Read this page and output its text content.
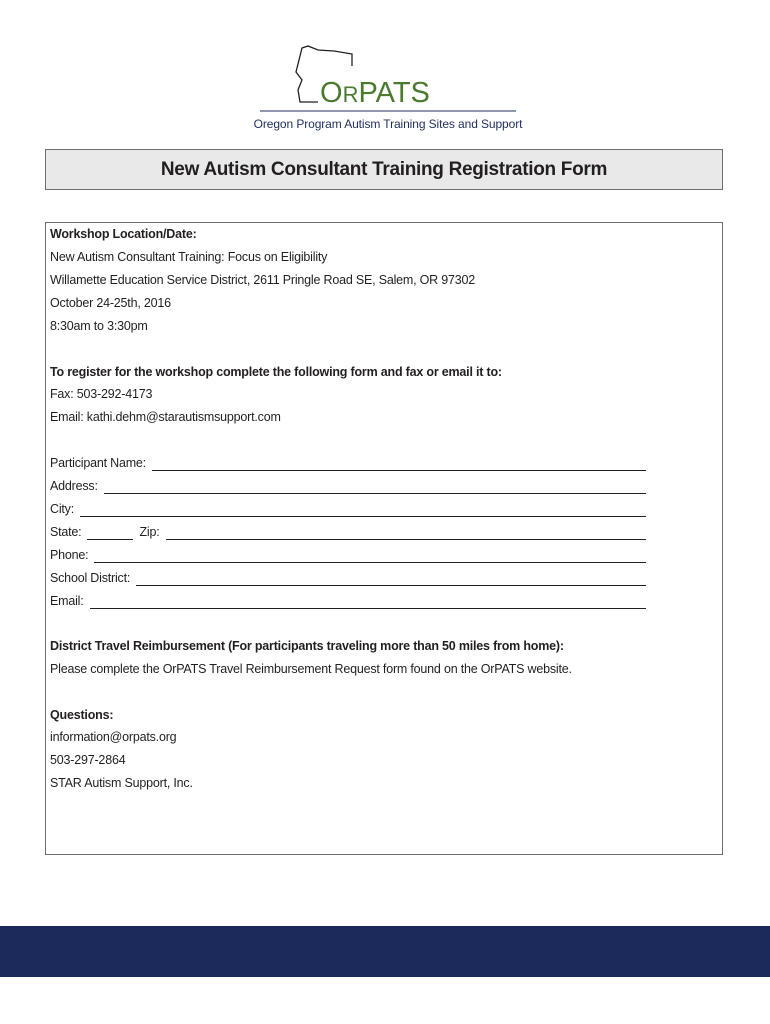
ORPATS
Oregon Program Autism Training Sites and Support
New Autism Consultant Training Registration Form
Workshop Location/Date:
New Autism Consultant Training: Focus on Eligibility
Willamette Education Service District, 2611 Pringle Road SE, Salem, OR 97302
October 24-25th, 2016
8:30am to 3:30pm
To register for the workshop complete the following form and fax or email it to:
Fax: 503-292-4173
Email: kathi.dehm@starautismsupport.com
Participant Name:
Address:
City:
State:	Zip:
Phone:
School District:
Email:
District Travel Reimbursement (For participants traveling more than 50 miles from home):
Please complete the OrPATS Travel Reimbursement Request form found on the OrPATS website.
Questions:
information@orpats.org
503-297-2864
STAR Autism Support, Inc.
